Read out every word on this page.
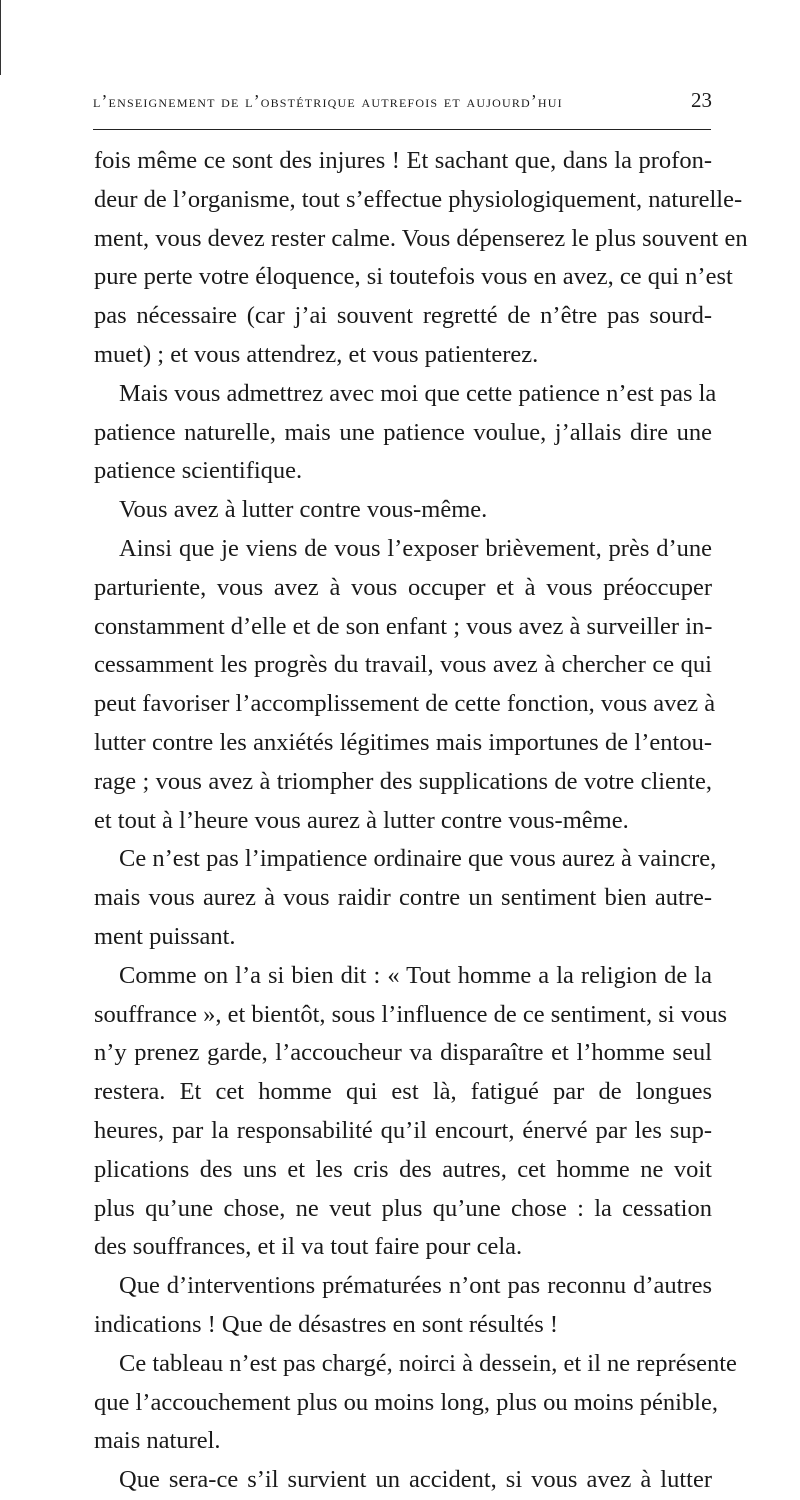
l’enseignement de l’obstétrique autrefois et aujourd’hui	23
fois même ce sont des injures ! Et sachant que, dans la profon-
deur de l’organisme, tout s’effectue physiologiquement, naturelle-
ment, vous devez rester calme. Vous dépenserez le plus souvent en
pure perte votre éloquence, si toutefois vous en avez, ce qui n’est
pas nécessaire (car j’ai souvent regretté de n’être pas sourd-
muet) ; et vous attendrez, et vous patienterez.
Mais vous admettrez avec moi que cette patience n’est pas la
patience naturelle, mais une patience voulue, j’allais dire une
patience scientifique.
Vous avez à lutter contre vous-même.
Ainsi que je viens de vous l’exposer brièvement, près d’une
parturiente, vous avez à vous occuper et à vous préoccuper
constamment d’elle et de son enfant ; vous avez à surveiller in-
cessamment les progrès du travail, vous avez à chercher ce qui
peut favoriser l’accomplissement de cette fonction, vous avez à
lutter contre les anxiétés légitimes mais importunes de l’entou-
rage ; vous avez à triompher des supplications de votre cliente,
et tout à l’heure vous aurez à lutter contre vous-même.
Ce n’est pas l’impatience ordinaire que vous aurez à vaincre,
mais vous aurez à vous raidir contre un sentiment bien autre-
ment puissant.
Comme on l’a si bien dit : « Tout homme a la religion de la
souffrance », et bientôt, sous l’influence de ce sentiment, si vous
n’y prenez garde, l’accoucheur va disparaître et l’homme seul
restera. Et cet homme qui est là, fatigué par de longues
heures, par la responsabilité qu’il encourt, énervé par les sup-
plications des uns et les cris des autres, cet homme ne voit
plus qu’une chose, ne veut plus qu’une chose : la cessation
des souffrances, et il va tout faire pour cela.
Que d’interventions prématurées n’ont pas reconnu d’autres
indications ! Que de désastres en sont résultés !
Ce tableau n’est pas chargé, noirci à dessein, et il ne représente
que l’accouchement plus ou moins long, plus ou moins pénible,
mais naturel.
Que sera-ce s’il survient un accident, si vous avez à lutter
